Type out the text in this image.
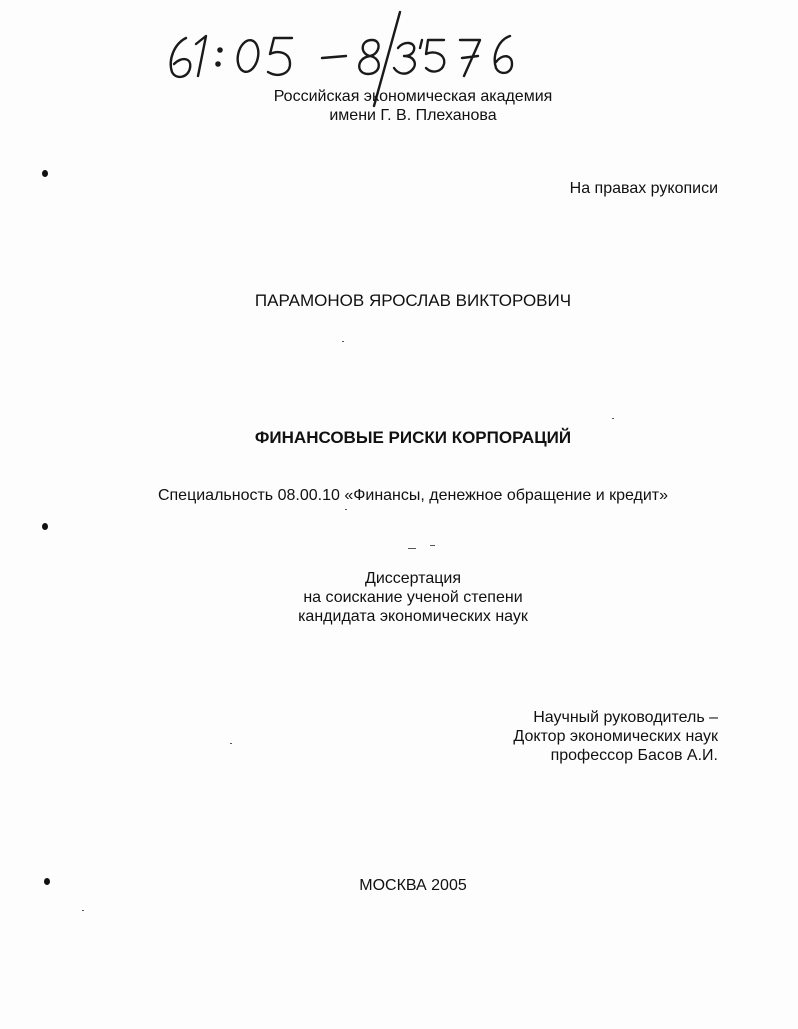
Российская экономическая академия
имени Г. В. Плеханова
На правах рукописи
ПАРАМОНОВ ЯРОСЛАВ ВИКТОРОВИЧ
ФИНАНСОВЫЕ РИСКИ КОРПОРАЦИЙ
Специальность 08.00.10 «Финансы, денежное обращение и кредит»
Диссертация
на соискание ученой степени
кандидата экономических наук
Научный руководитель –
Доктор экономических наук
профессор Басов А.И.
МОСКВА 2005
